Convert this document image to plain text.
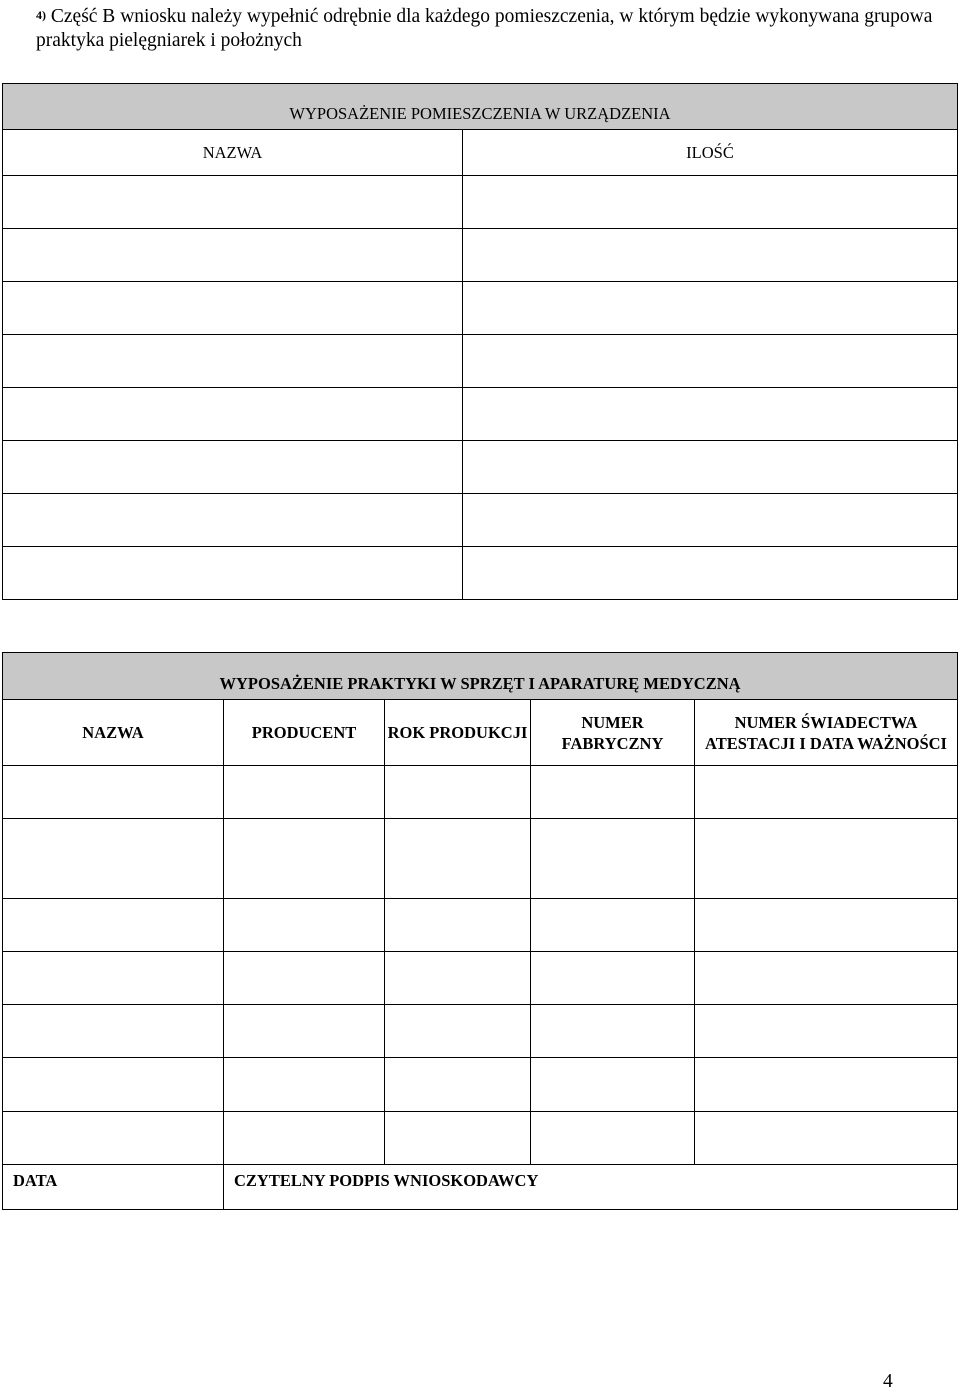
$^{4)}$ Część B wniosku należy wypełnić odrębnie dla każdego pomieszczenia, w którym będzie wykonywana grupowa praktyka pielęgniarek i położnych
WYPOSAŻENIE POMIESZCZENIA W URZĄDZENIA	
NAZWA	ILOŚĆ

WYPOSAŻENIE PRAKTYKI W SPRZĘT I APARATURĘ MEDYCZNĄ				
NAZWA	PRODUCENT	ROK PRODUKCJI	NUMER FABRYCZNY	NUMER ŚWIADECTWA ATESTACJI I DATA WAŻNOŚCI

DATA	CZYTELNY PODPIS WNIOSKODAWCY			
4
